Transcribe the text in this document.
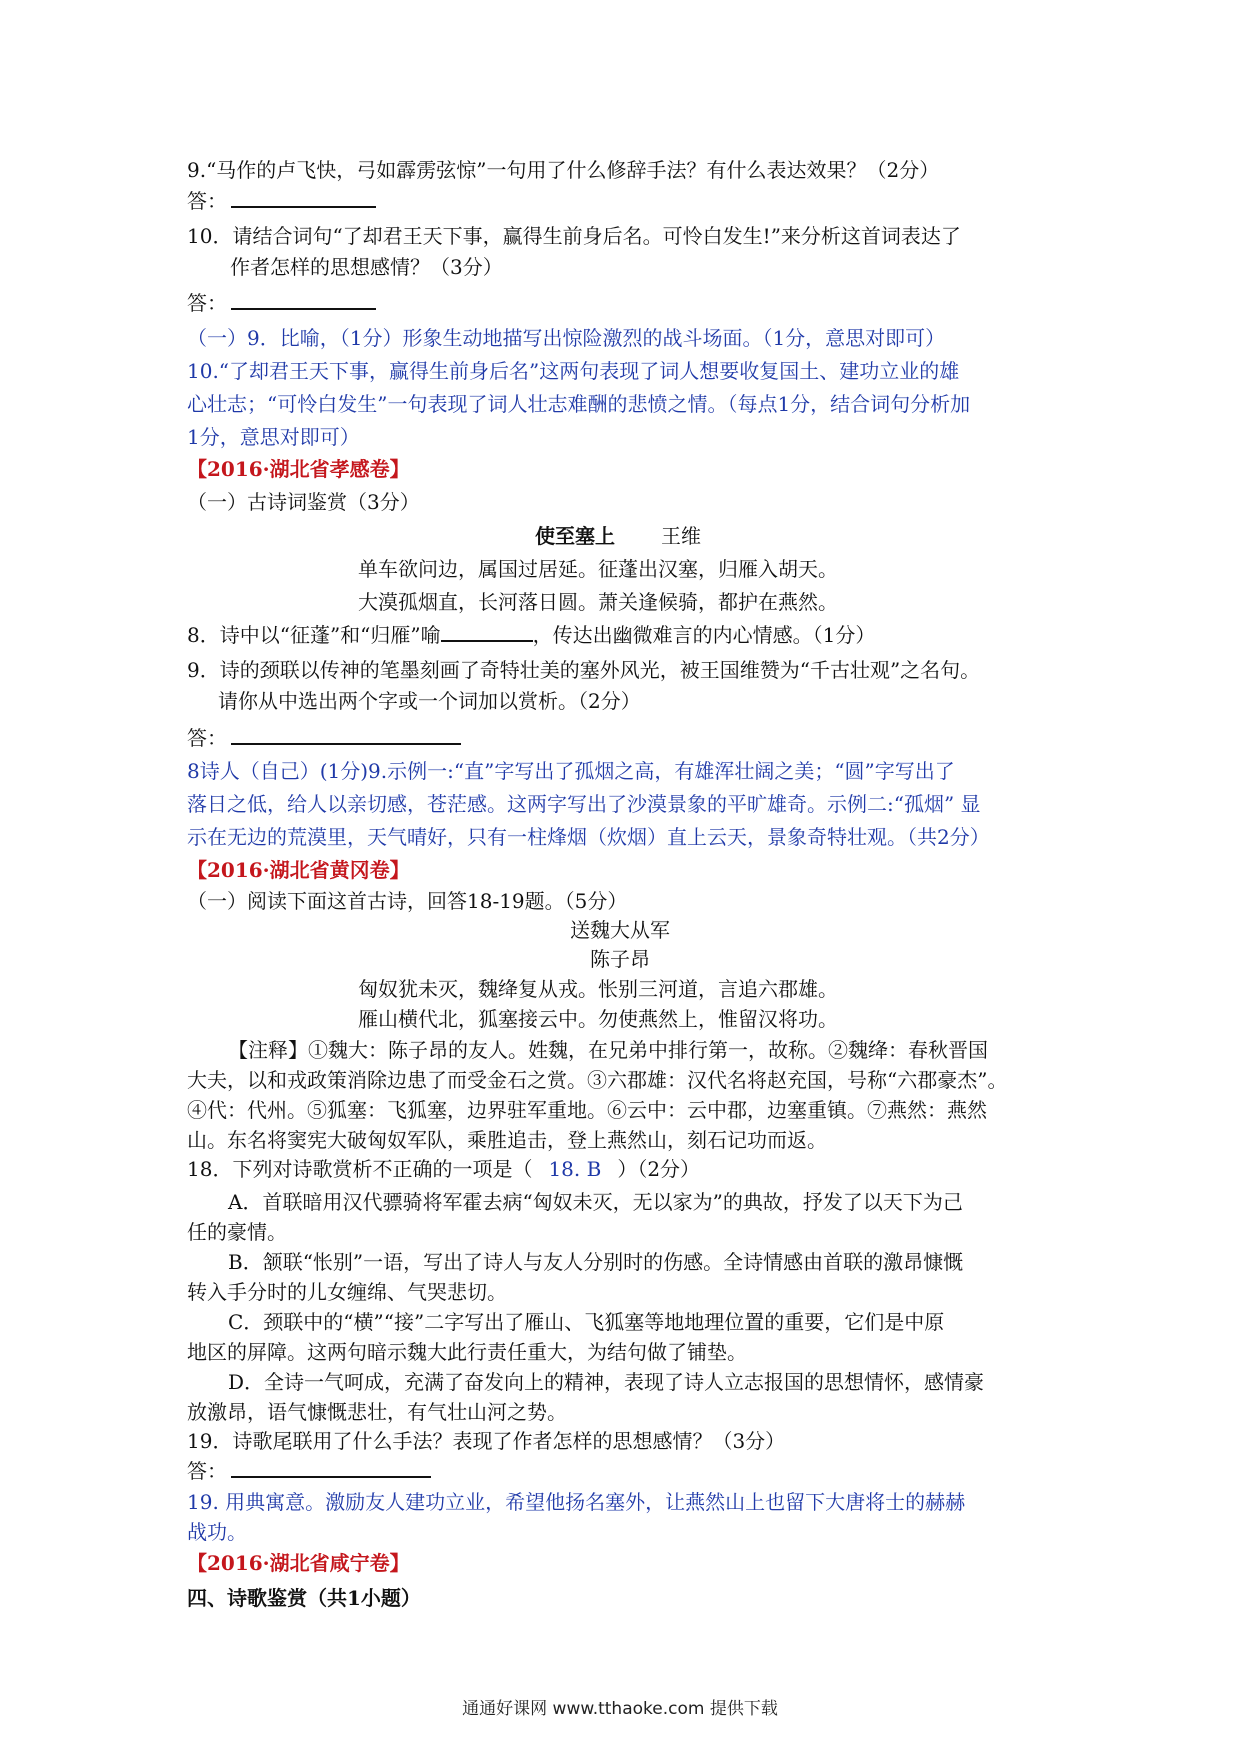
9.“马作的卢飞快，弓如霹雳弦惊”一句用了什么修辞手法？有什么表达效果？（2分）
答：
10．请结合词句“了却君王天下事，赢得生前身后名。可怜白发生!”来分析这首词表达了
作者怎样的思想感情？（3分）
答：
（一）9．比喻，（1分）形象生动地描写出惊险激烈的战斗场面。（1分，意思对即可）
10.“了却君王天下事，赢得生前身后名”这两句表现了词人想要收复国土、建功立业的雄
心壮志；“可怜白发生”一句表现了词人壮志难酬的悲愤之情。（每点1分，结合词句分析加
1分，意思对即可）
【2016·湖北省孝感卷】
（一）古诗词鉴赏（3分）
使至塞上 王维
单车欲问边，属国过居延。征蓬出汉塞，归雁入胡天。
大漠孤烟直，长河落日圆。萧关逢候骑，都护在燕然。
8．诗中以“征蓬”和“归雁”喻	，传达出幽微难言的内心情感。（1分）
9．诗的颈联以传神的笔墨刻画了奇特壮美的塞外风光，被王国维赞为“千古壮观”之名句。
请你从中选出两个字或一个词加以赏析。（2分）
答：
8诗人（自己）(1分)9.示例一:“直”字写出了孤烟之高，有雄浑壮阔之美；“圆”字写出了
落日之低，给人以亲切感，苍茫感。这两字写出了沙漠景象的平旷雄奇。示例二:“孤烟” 显
示在无边的荒漠里，天气晴好，只有一柱烽烟（炊烟）直上云天，景象奇特壮观。（共2分）
【2016·湖北省黄冈卷】
（一）阅读下面这首古诗，回答18-19题。（5分）
送魏大从军
陈子昂
匈奴犹未灭，魏绛复从戎。怅别三河道，言追六郡雄。
雁山横代北，狐塞接云中。勿使燕然上，惟留汉将功。
【注释】①魏大：陈子昂的友人。姓魏，在兄弟中排行第一，故称。②魏绛：春秋晋国
大夫，以和戎政策消除边患了而受金石之赏。③六郡雄：汉代名将赵充国，号称“六郡豪杰”。
④代：代州。⑤狐塞：飞狐塞，边界驻军重地。⑥云中：云中郡，边塞重镇。⑦燕然：燕然
山。东名将窦宪大破匈奴军队，乘胜追击，登上燕然山，刻石记功而返。
18．下列对诗歌赏析不正确的一项是（ 18. B ）（2分）
A．首联暗用汉代骠骑将军霍去病“匈奴未灭，无以家为”的典故，抒发了以天下为己
任的豪情。
B．颔联“怅别”一语，写出了诗人与友人分别时的伤感。全诗情感由首联的激昂慷慨
转入手分时的儿女缠绵、气哭悲切。
C．颈联中的“横”“接”二字写出了雁山、飞狐塞等地地理位置的重要，它们是中原
地区的屏障。这两句暗示魏大此行责任重大，为结句做了铺垫。
D．全诗一气呵成，充满了奋发向上的精神，表现了诗人立志报国的思想情怀，感情豪
放激昂，语气慷慨悲壮，有气壮山河之势。
19．诗歌尾联用了什么手法？表现了作者怎样的思想感情？（3分）
答：
19. 用典寓意。激励友人建功立业，希望他扬名塞外，让燕然山上也留下大唐将士的赫赫
战功。
【2016·湖北省咸宁卷】
四、诗歌鉴赏（共1小题）
通通好课网 www.tthaoke.com 提供下载
